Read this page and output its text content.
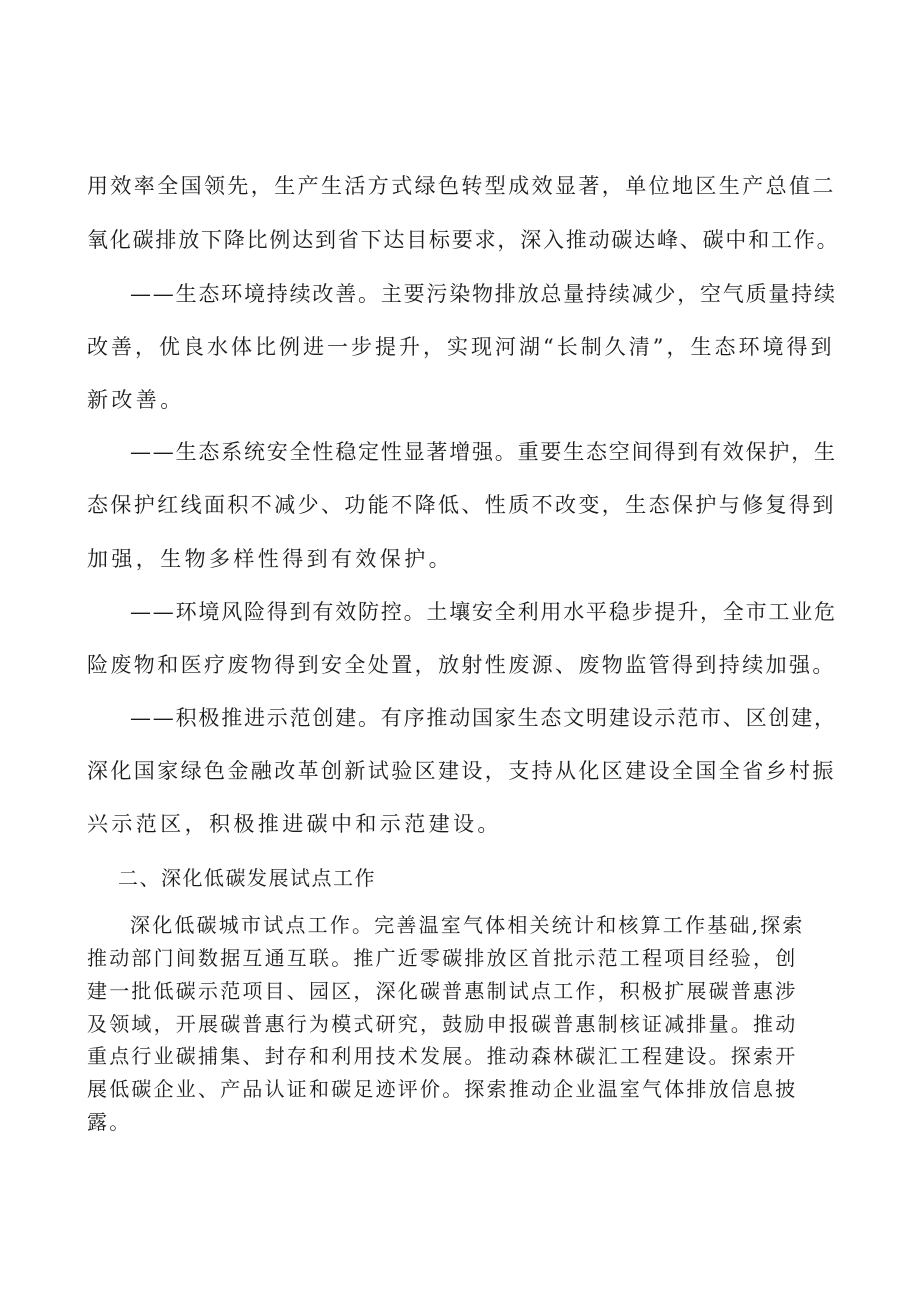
用效率全国领先，生产生活方式绿色转型成效显著，单位地区生产总值二
氧化碳排放下降比例达到省下达目标要求，深入推动碳达峰、碳中和工作。
——生态环境持续改善。主要污染物排放总量持续减少，空气质量持续
改善，优良水体比例进一步提升，实现河湖“长制久清”，生态环境得到
新改善。
——生态系统安全性稳定性显著增强。重要生态空间得到有效保护，生
态保护红线面积不减少、功能不降低、性质不改变，生态保护与修复得到
加强，生物多样性得到有效保护。
——环境风险得到有效防控。土壤安全利用水平稳步提升，全市工业危
险废物和医疗废物得到安全处置，放射性废源、废物监管得到持续加强。
——积极推进示范创建。有序推动国家生态文明建设示范市、区创建，
深化国家绿色金融改革创新试验区建设，支持从化区建设全国全省乡村振
兴示范区，积极推进碳中和示范建设。
二、深化低碳发展试点工作
深化低碳城市试点工作。完善温室气体相关统计和核算工作基础,探索
推动部门间数据互通互联。推广近零碳排放区首批示范工程项目经验，创
建一批低碳示范项目、园区，深化碳普惠制试点工作，积极扩展碳普惠涉
及领域，开展碳普惠行为模式研究，鼓励申报碳普惠制核证减排量。推动
重点行业碳捕集、封存和利用技术发展。推动森林碳汇工程建设。探索开
展低碳企业、产品认证和碳足迹评价。探索推动企业温室气体排放信息披
露。
